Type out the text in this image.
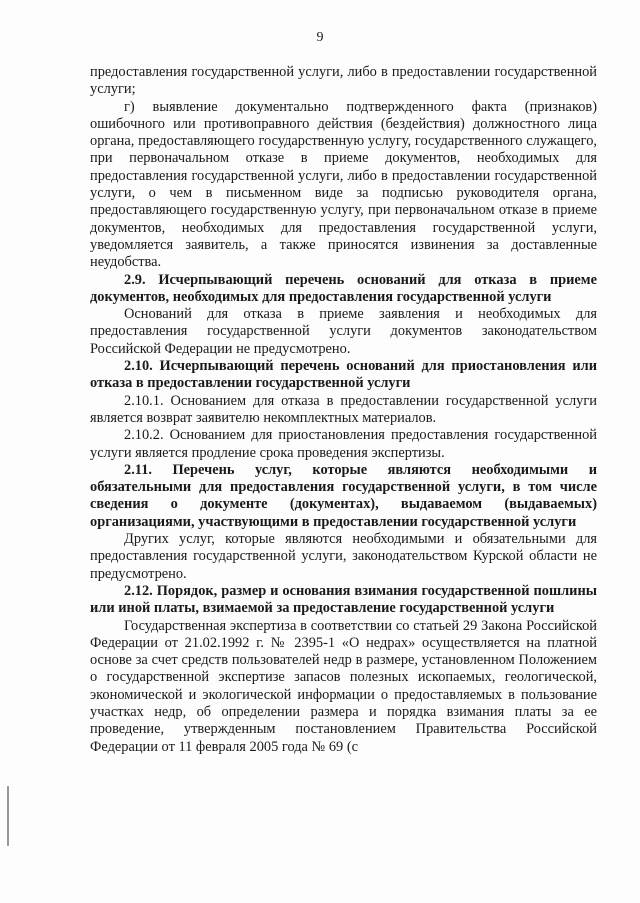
9

предоставления государственной услуги, либо в предоставлении государственной услуги;

г) выявление документально подтвержденного факта (признаков) ошибочного или противоправного действия (бездействия) должностного лица органа, предоставляющего государственную услугу, государственного служащего, при первоначальном отказе в приеме документов, необходимых для предоставления государственной услуги, либо в предоставлении государственной услуги, о чем в письменном виде за подписью руководителя органа, предоставляющего государственную услугу, при первоначальном отказе в приеме документов, необходимых для предоставления государственной услуги, уведомляется заявитель, а также приносятся извинения за доставленные неудобства.

2.9. Исчерпывающий перечень оснований для отказа в приеме документов, необходимых для предоставления государственной услуги

Оснований для отказа в приеме заявления и необходимых для предоставления государственной услуги документов законодательством Российской Федерации не предусмотрено.

2.10. Исчерпывающий перечень оснований для приостановления или отказа в предоставлении государственной услуги

2.10.1. Основанием для отказа в предоставлении государственной услуги является возврат заявителю некомплектных материалов.

2.10.2. Основанием для приостановления предоставления государственной услуги является продление срока проведения экспертизы.

2.11. Перечень услуг, которые являются необходимыми и обязательными для предоставления государственной услуги, в том числе сведения о документе (документах), выдаваемом (выдаваемых) организациями, участвующими в предоставлении государственной услуги

Других услуг, которые являются необходимыми и обязательными для предоставления государственной услуги, законодательством Курской области не предусмотрено.

2.12. Порядок, размер и основания взимания государственной пошлины или иной платы, взимаемой за предоставление государственной услуги

Государственная экспертиза в соответствии со статьей 29 Закона Российской Федерации от 21.02.1992 г. № 2395-1 «О недрах» осуществляется на платной основе за счет средств пользователей недр в размере, установленном Положением о государственной экспертизе запасов полезных ископаемых, геологической, экономической и экологической информации о предоставляемых в пользование участках недр, об определении размера и порядка взимания платы за ее проведение, утвержденным постановлением Правительства Российской Федерации от 11 февраля 2005 года № 69 (с
